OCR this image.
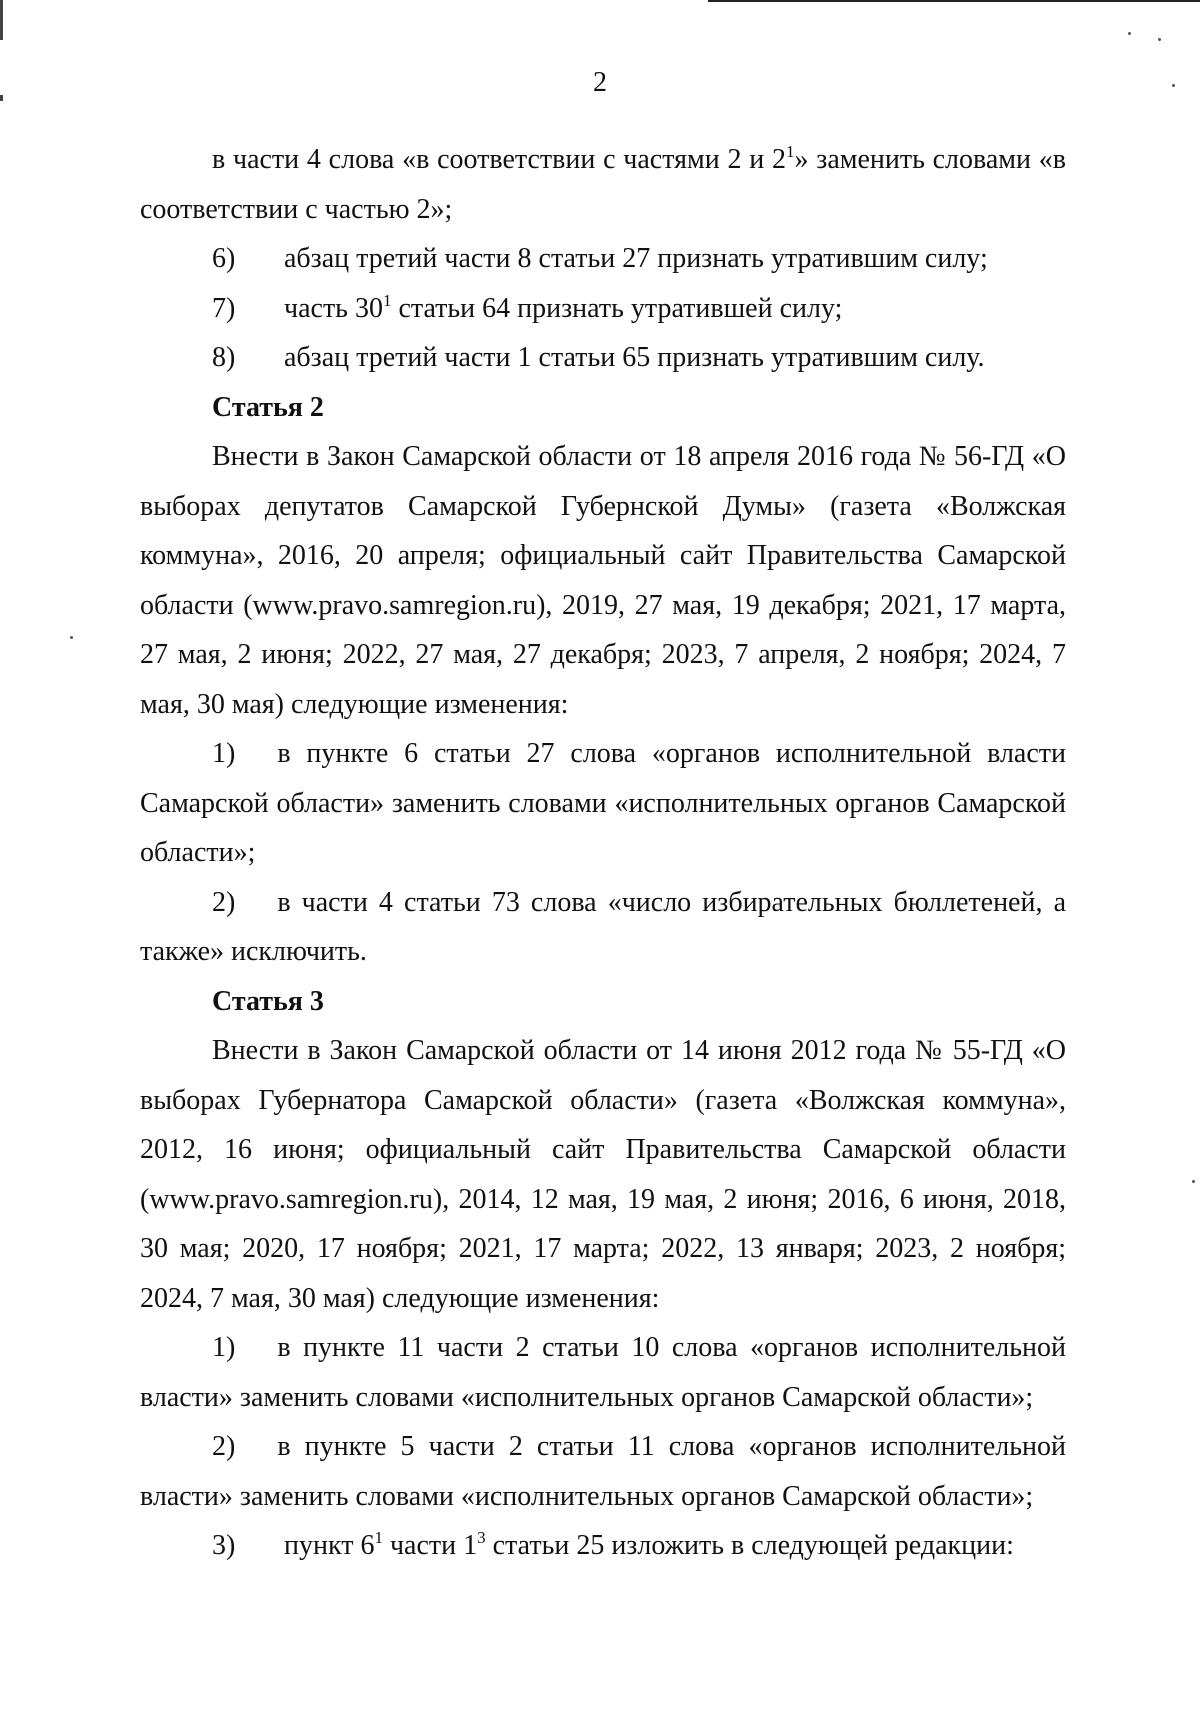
2

в части 4 слова «в соответствии с частями 2 и $2^1$» заменить словами «в соответствии с частью 2»;

6)	абзац третий части 8 статьи 27 признать утратившим силу;
7)	часть $30^1$ статьи 64 признать утратившей силу;
8)	абзац третий части 1 статьи 65 признать утратившим силу.

Статья 2

Внести в Закон Самарской области от 18 апреля 2016 года № 56-ГД «О выборах депутатов Самарской Губернской Думы» (газета «Волжская коммуна», 2016, 20 апреля; официальный сайт Правительства Самарской области (www.pravo.samregion.ru), 2019, 27 мая, 19 декабря; 2021, 17 марта, 27 мая, 2 июня; 2022, 27 мая, 27 декабря; 2023, 7 апреля, 2 ноября; 2024, 7 мая, 30 мая) следующие изменения:

1)   в пункте 6 статьи 27 слова «органов исполнительной власти Самарской области» заменить словами «исполнительных органов Самарской области»;

2)   в части 4 статьи 73 слова «число избирательных бюллетеней, а также» исключить.

Статья 3

Внести в Закон Самарской области от 14 июня 2012 года № 55-ГД «О выборах Губернатора Самарской области» (газета «Волжская коммуна», 2012, 16 июня; официальный сайт Правительства Самарской области (www.pravo.samregion.ru), 2014, 12 мая, 19 мая, 2 июня; 2016, 6 июня, 2018, 30 мая; 2020, 17 ноября; 2021, 17 марта; 2022, 13 января; 2023, 2 ноября; 2024, 7 мая, 30 мая) следующие изменения:

1)   в пункте 11 части 2 статьи 10 слова «органов исполнительной власти» заменить словами «исполнительных органов Самарской области»;

2)   в пункте 5 части 2 статьи 11 слова «органов исполнительной власти» заменить словами «исполнительных органов Самарской области»;

3)	пункт $6^1$ части $1^3$ статьи 25 изложить в следующей редакции:
